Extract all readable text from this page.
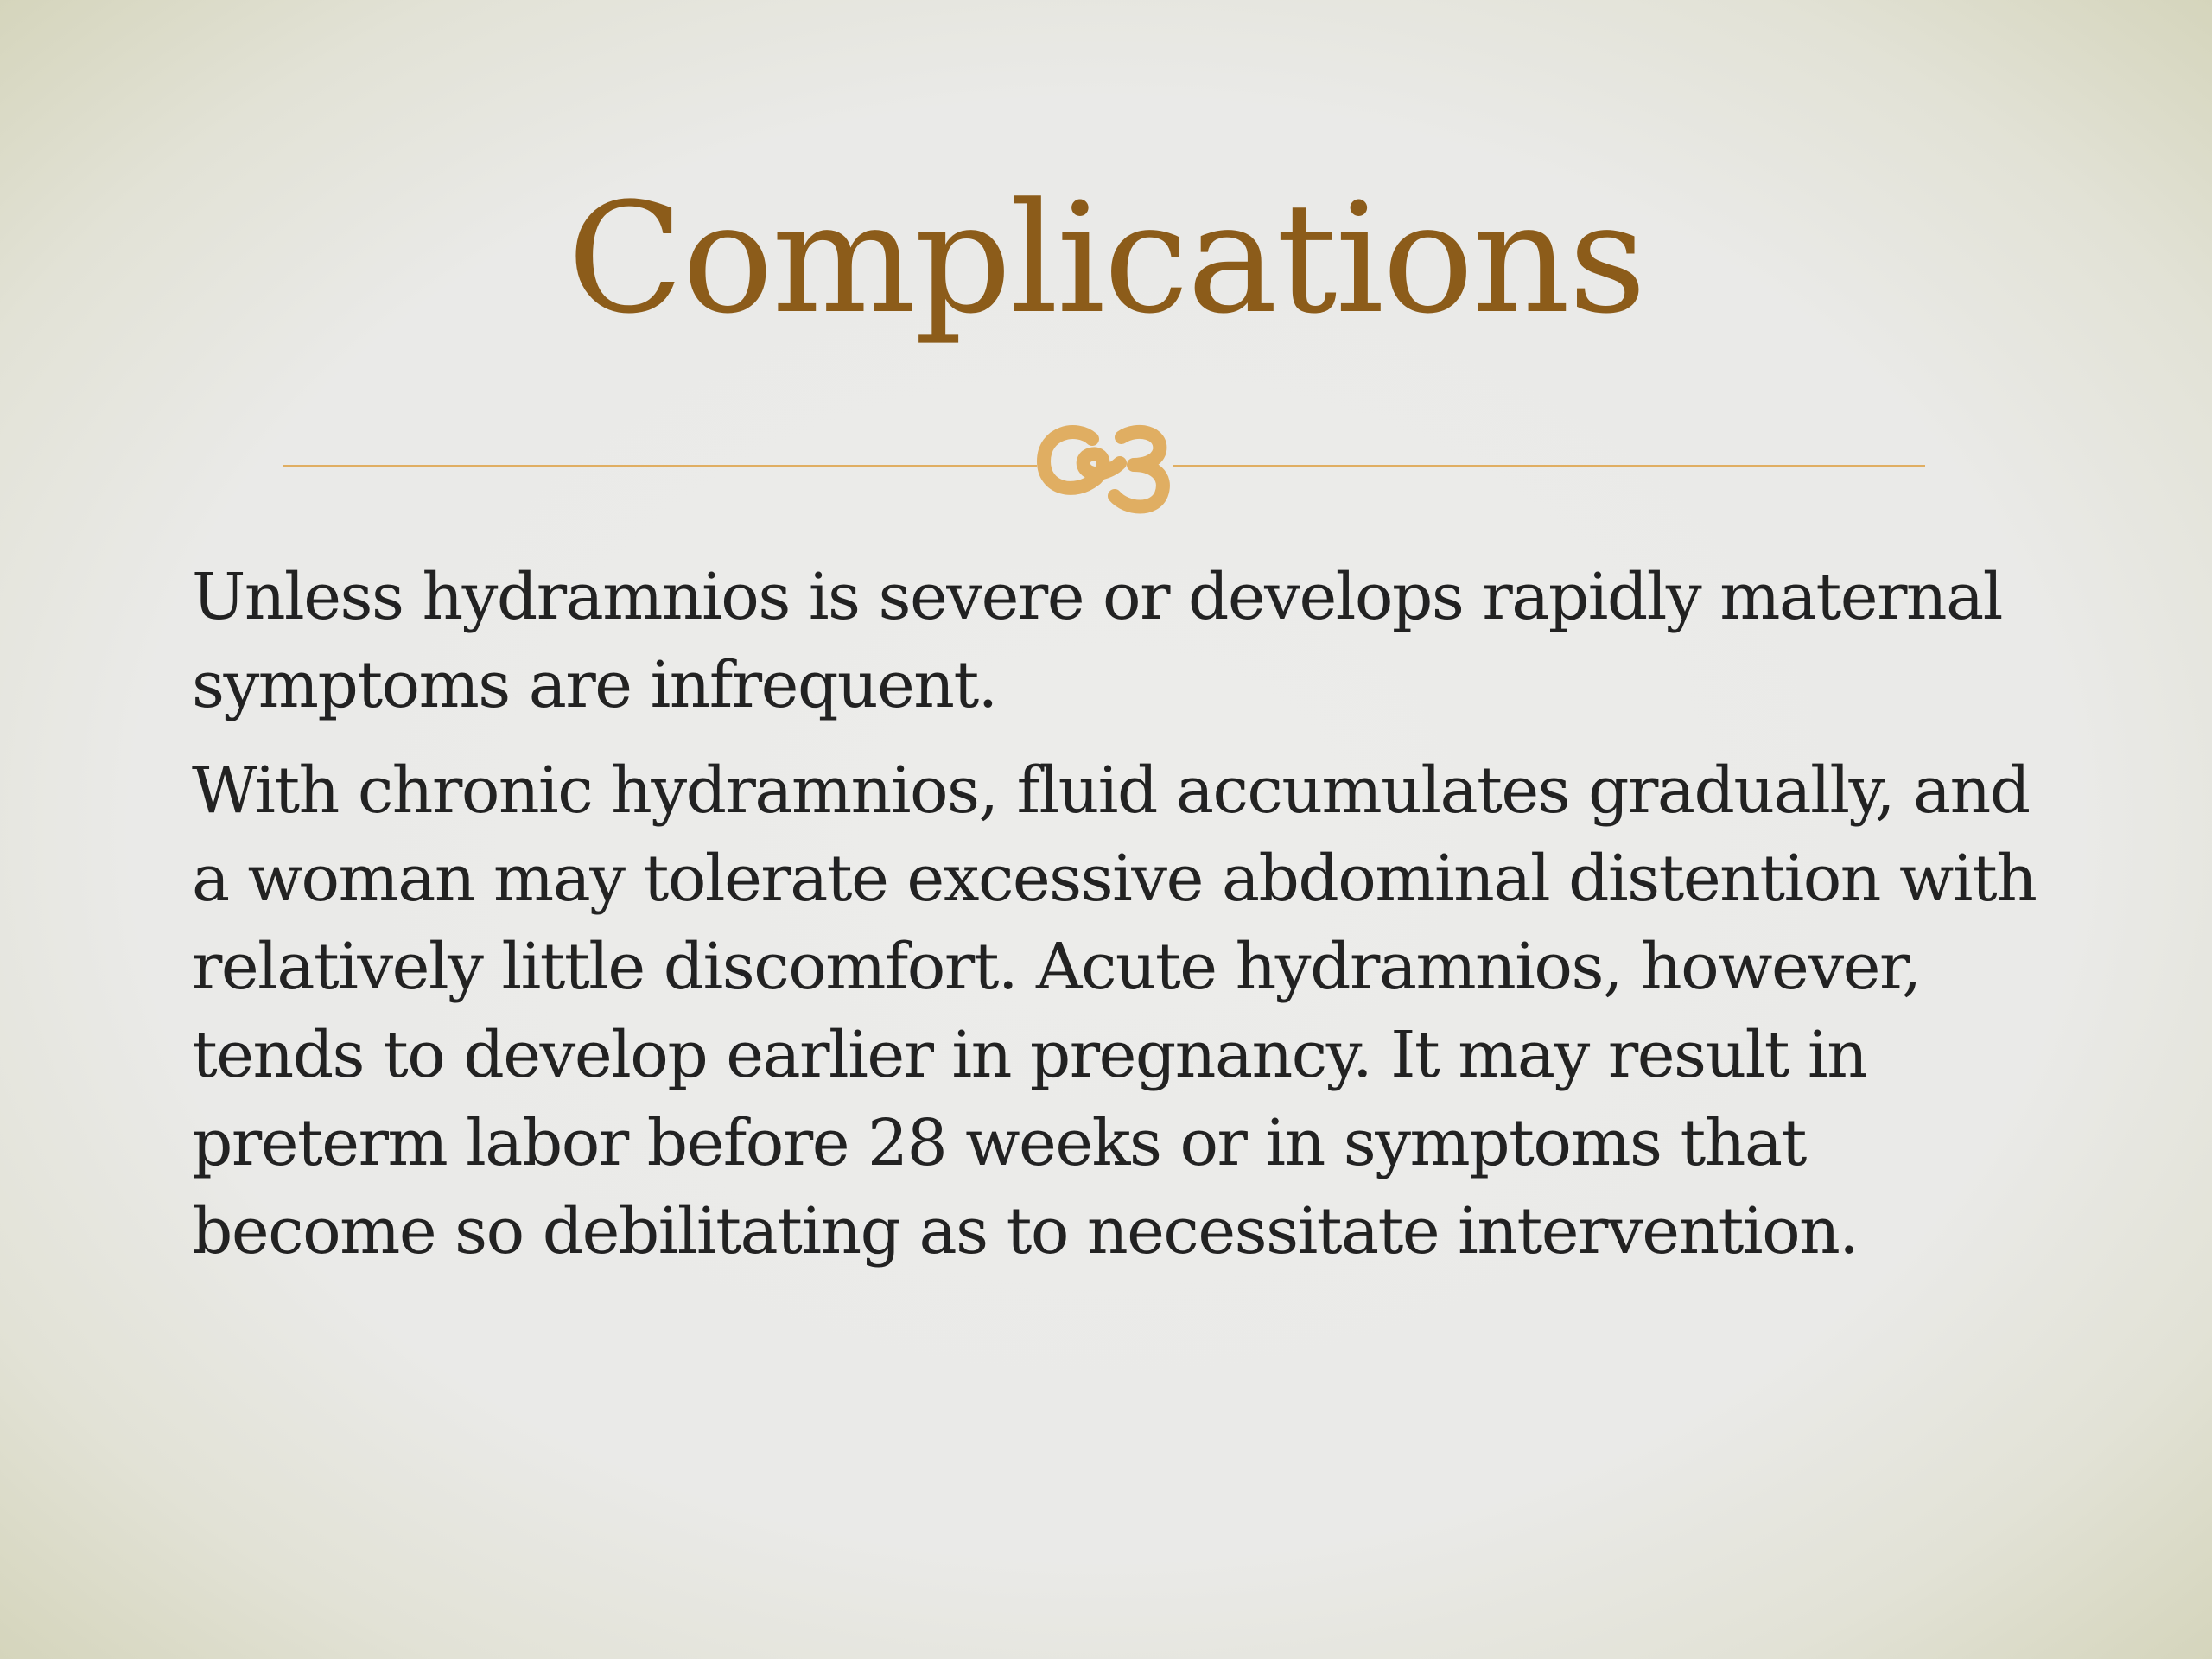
Complications

Unless hydramnios is severe or develops rapidly maternal symptoms are infrequent.

With chronic hydramnios, fluid accumulates gradually, and a woman may tolerate excessive abdominal distention with relatively little discomfort. Acute hydramnios, however, tends to develop earlier in pregnancy. It may result in preterm labor before 28 weeks or in symptoms that become so debilitating as to necessitate intervention.
